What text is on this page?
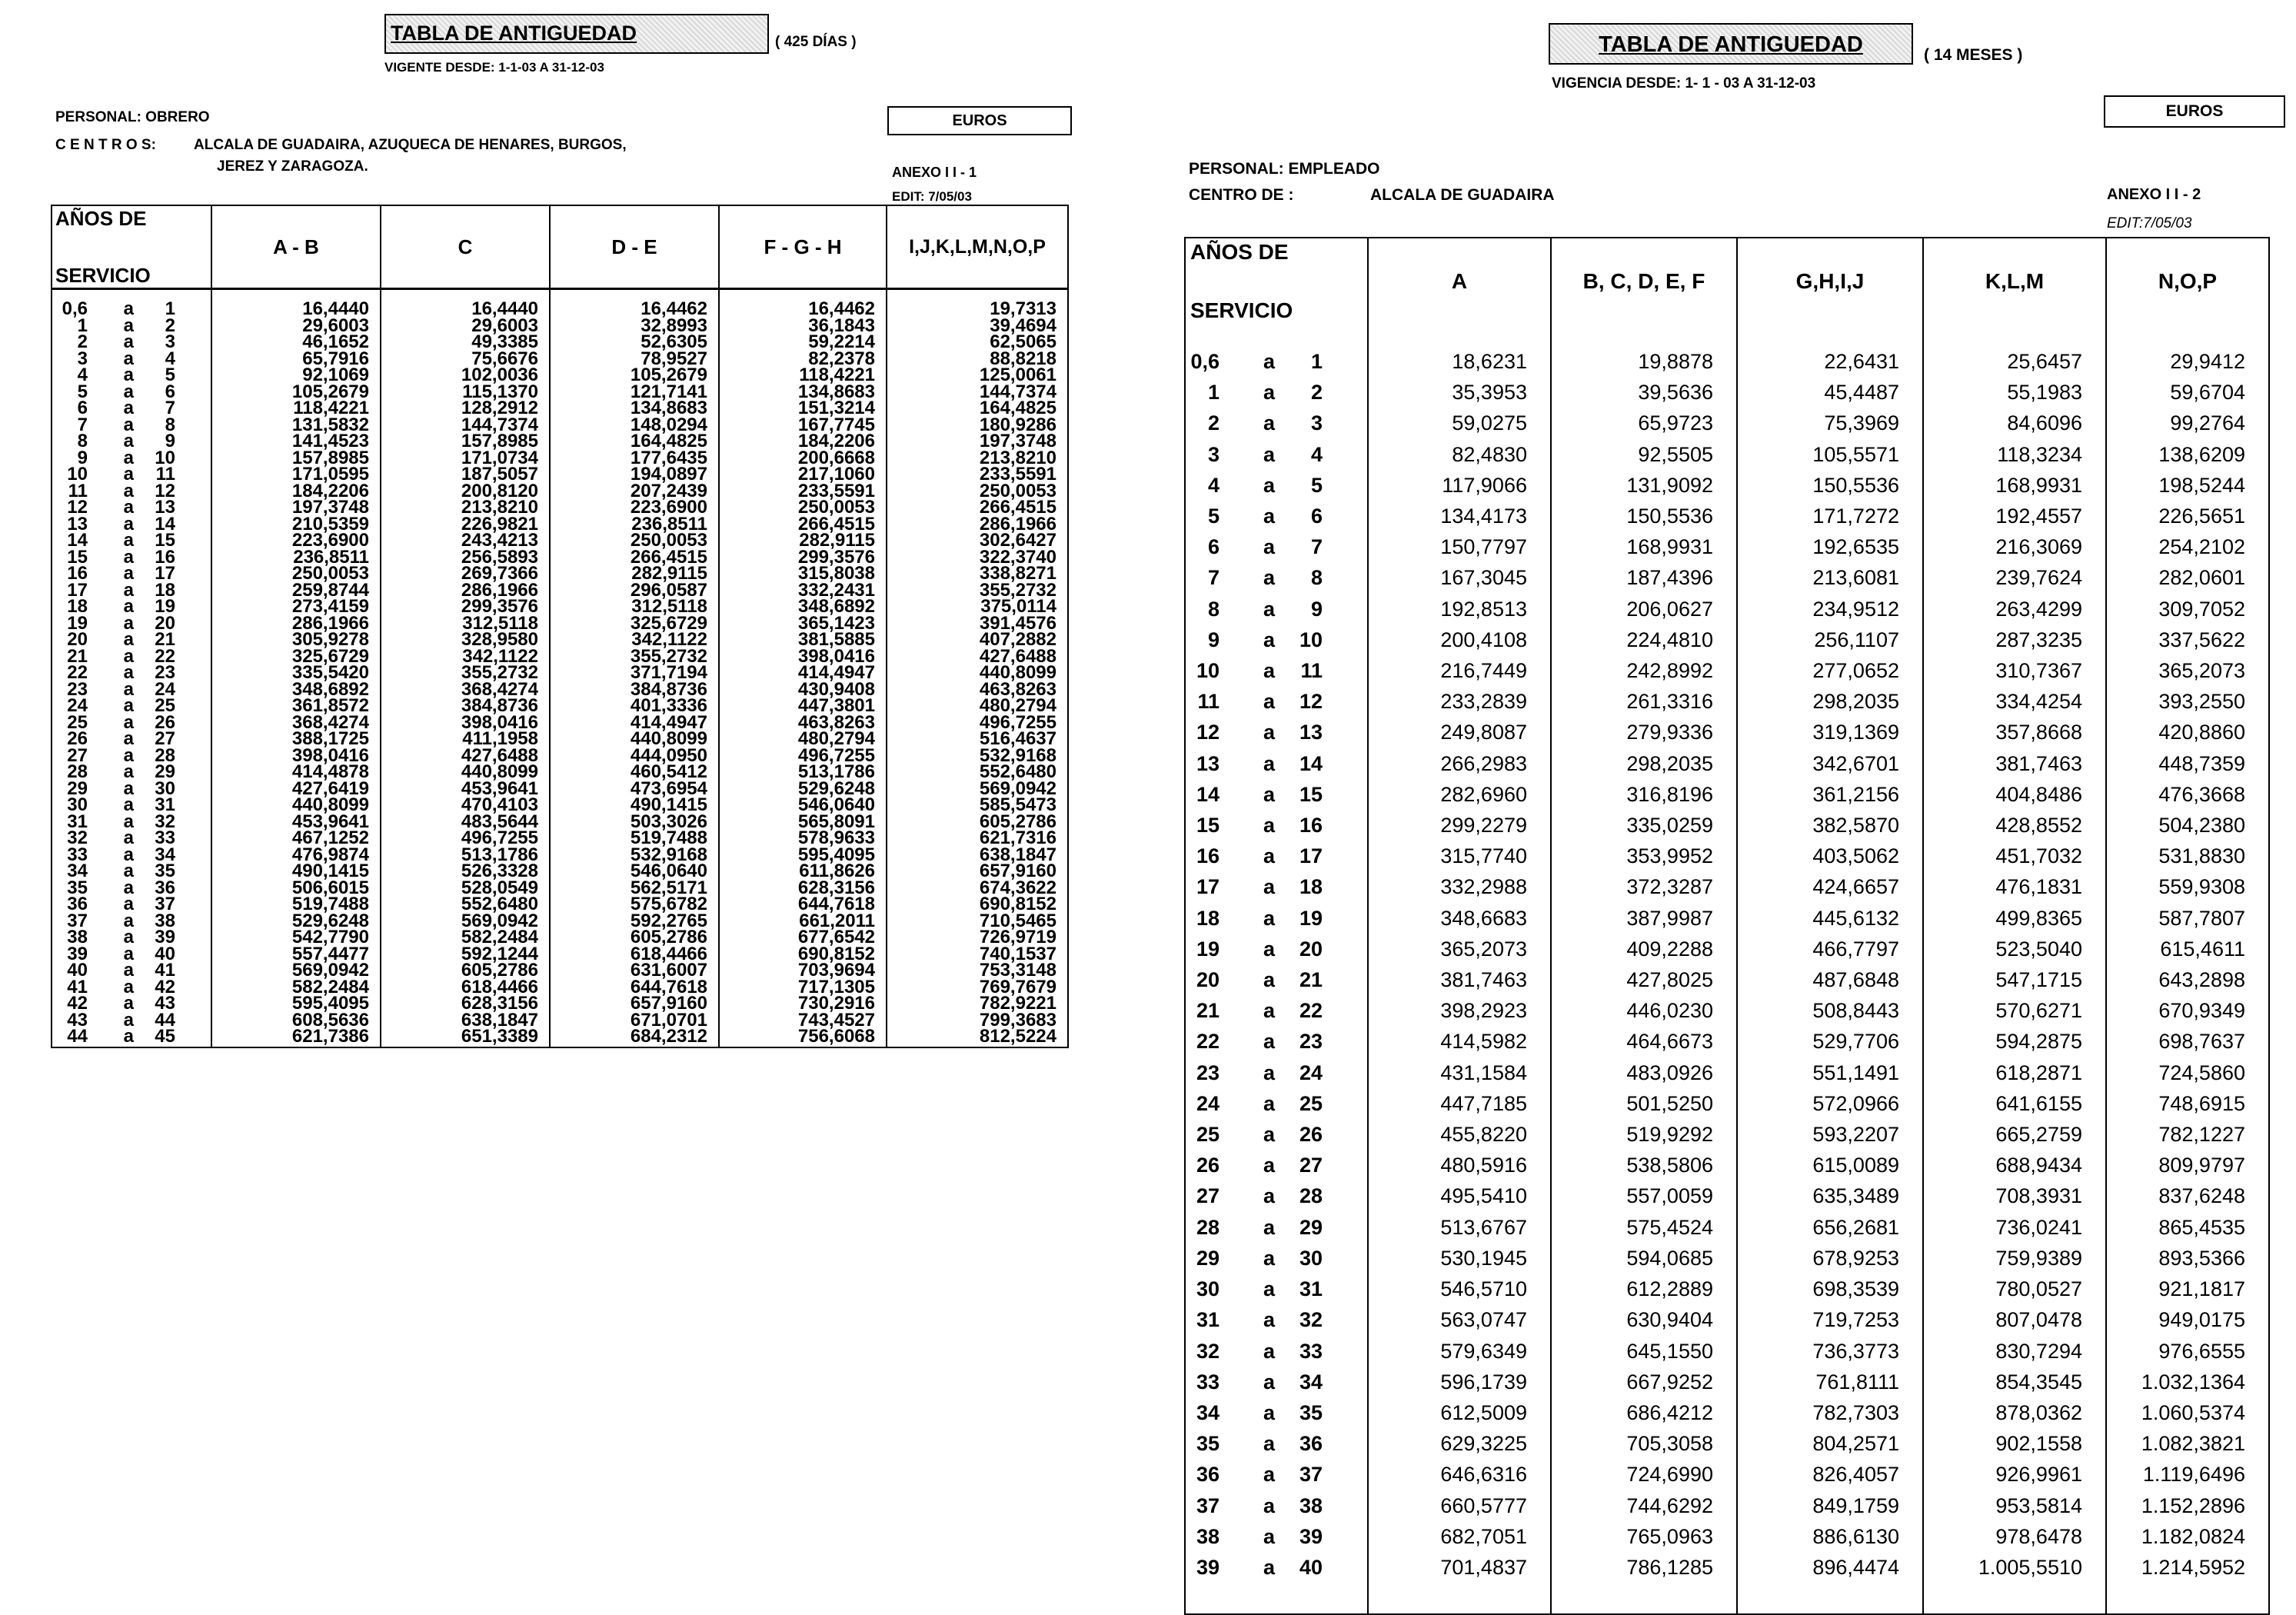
TABLA DE ANTIGUEDAD	( 425 DÍAS )
VIGENTE DESDE: 1-1-03 A 31-12-03
PERSONAL: OBRERO
C E N T R O S:	ALCALA DE GUADAIRA, AZUQUECA DE HENARES, BURGOS,
JEREZ Y ZARAGOZA.
EUROS
ANEXO I I - 1
EDIT: 7/05/03
AÑOS DE
SERVICIO	A - B	C	D - E	F - G - H	I,J,K,L,M,N,O,P
0,6 a 1	16,4440	16,4440	16,4462	16,4462	19,7313
1 a 2	29,6003	29,6003	32,8993	36,1843	39,4694
2 a 3	46,1652	49,3385	52,6305	59,2214	62,5065
3 a 4	65,7916	75,6676	78,9527	82,2378	88,8218
4 a 5	92,1069	102,0036	105,2679	118,4221	125,0061
5 a 6	105,2679	115,1370	121,7141	134,8683	144,7374
6 a 7	118,4221	128,2912	134,8683	151,3214	164,4825
7 a 8	131,5832	144,7374	148,0294	167,7745	180,9286
8 a 9	141,4523	157,8985	164,4825	184,2206	197,3748
9 a 10	157,8985	171,0734	177,6435	200,6668	213,8210
10 a 11	171,0595	187,5057	194,0897	217,1060	233,5591
11 a 12	184,2206	200,8120	207,2439	233,5591	250,0053
12 a 13	197,3748	213,8210	223,6900	250,0053	266,4515
13 a 14	210,5359	226,9821	236,8511	266,4515	286,1966
14 a 15	223,6900	243,4213	250,0053	282,9115	302,6427
15 a 16	236,8511	256,5893	266,4515	299,3576	322,3740
16 a 17	250,0053	269,7366	282,9115	315,8038	338,8271
17 a 18	259,8744	286,1966	296,0587	332,2431	355,2732
18 a 19	273,4159	299,3576	312,5118	348,6892	375,0114
19 a 20	286,1966	312,5118	325,6729	365,1423	391,4576
20 a 21	305,9278	328,9580	342,1122	381,5885	407,2882
21 a 22	325,6729	342,1122	355,2732	398,0416	427,6488
22 a 23	335,5420	355,2732	371,7194	414,4947	440,8099
23 a 24	348,6892	368,4274	384,8736	430,9408	463,8263
24 a 25	361,8572	384,8736	401,3336	447,3801	480,2794
25 a 26	368,4274	398,0416	414,4947	463,8263	496,7255
26 a 27	388,1725	411,1958	440,8099	480,2794	516,4637
27 a 28	398,0416	427,6488	444,0950	496,7255	532,9168
28 a 29	414,4878	440,8099	460,5412	513,1786	552,6480
29 a 30	427,6419	453,9641	473,6954	529,6248	569,0942
30 a 31	440,8099	470,4103	490,1415	546,0640	585,5473
31 a 32	453,9641	483,5644	503,3026	565,8091	605,2786
32 a 33	467,1252	496,7255	519,7488	578,9633	621,7316
33 a 34	476,9874	513,1786	532,9168	595,4095	638,1847
34 a 35	490,1415	526,3328	546,0640	611,8626	657,9160
35 a 36	506,6015	528,0549	562,5171	628,3156	674,3622
36 a 37	519,7488	552,6480	575,6782	644,7618	690,8152
37 a 38	529,6248	569,0942	592,2765	661,2011	710,5465
38 a 39	542,7790	582,2484	605,2786	677,6542	726,9719
39 a 40	557,4477	592,1244	618,4466	690,8152	740,1537
40 a 41	569,0942	605,2786	631,6007	703,9694	753,3148
41 a 42	582,2484	618,4466	644,7618	717,1305	769,7679
42 a 43	595,4095	628,3156	657,9160	730,2916	782,9221
43 a 44	608,5636	638,1847	671,0701	743,4527	799,3683
44 a 45	621,7386	651,3389	684,2312	756,6068	812,5224
TABLA DE ANTIGUEDAD	( 14 MESES )
VIGENCIA DESDE: 1- 1 - 03 A 31-12-03
EUROS
PERSONAL: EMPLEADO
CENTRO DE :	ALCALA DE GUADAIRA	ANEXO I I - 2
EDIT:7/05/03
AÑOS DE
SERVICIO	A	B, C, D, E, F	G,H,I,J	K,L,M	N,O,P
0,6 a 1	18,6231	19,8878	22,6431	25,6457	29,9412
1 a 2	35,3953	39,5636	45,4487	55,1983	59,6704
2 a 3	59,0275	65,9723	75,3969	84,6096	99,2764
3 a 4	82,4830	92,5505	105,5571	118,3234	138,6209
4 a 5	117,9066	131,9092	150,5536	168,9931	198,5244
5 a 6	134,4173	150,5536	171,7272	192,4557	226,5651
6 a 7	150,7797	168,9931	192,6535	216,3069	254,2102
7 a 8	167,3045	187,4396	213,6081	239,7624	282,0601
8 a 9	192,8513	206,0627	234,9512	263,4299	309,7052
9 a 10	200,4108	224,4810	256,1107	287,3235	337,5622
10 a 11	216,7449	242,8992	277,0652	310,7367	365,2073
11 a 12	233,2839	261,3316	298,2035	334,4254	393,2550
12 a 13	249,8087	279,9336	319,1369	357,8668	420,8860
13 a 14	266,2983	298,2035	342,6701	381,7463	448,7359
14 a 15	282,6960	316,8196	361,2156	404,8486	476,3668
15 a 16	299,2279	335,0259	382,5870	428,8552	504,2380
16 a 17	315,7740	353,9952	403,5062	451,7032	531,8830
17 a 18	332,2988	372,3287	424,6657	476,1831	559,9308
18 a 19	348,6683	387,9987	445,6132	499,8365	587,7807
19 a 20	365,2073	409,2288	466,7797	523,5040	615,4611
20 a 21	381,7463	427,8025	487,6848	547,1715	643,2898
21 a 22	398,2923	446,0230	508,8443	570,6271	670,9349
22 a 23	414,5982	464,6673	529,7706	594,2875	698,7637
23 a 24	431,1584	483,0926	551,1491	618,2871	724,5860
24 a 25	447,7185	501,5250	572,0966	641,6155	748,6915
25 a 26	455,8220	519,9292	593,2207	665,2759	782,1227
26 a 27	480,5916	538,5806	615,0089	688,9434	809,9797
27 a 28	495,5410	557,0059	635,3489	708,3931	837,6248
28 a 29	513,6767	575,4524	656,2681	736,0241	865,4535
29 a 30	530,1945	594,0685	678,9253	759,9389	893,5366
30 a 31	546,5710	612,2889	698,3539	780,0527	921,1817
31 a 32	563,0747	630,9404	719,7253	807,0478	949,0175
32 a 33	579,6349	645,1550	736,3773	830,7294	976,6555
33 a 34	596,1739	667,9252	761,8111	854,3545	1.032,1364
34 a 35	612,5009	686,4212	782,7303	878,0362	1.060,5374
35 a 36	629,3225	705,3058	804,2571	902,1558	1.082,3821
36 a 37	646,6316	724,6990	826,4057	926,9961	1.119,6496
37 a 38	660,5777	744,6292	849,1759	953,5814	1.152,2896
38 a 39	682,7051	765,0963	886,6130	978,6478	1.182,0824
39 a 40	701,4837	786,1285	896,4474	1.005,5510	1.214,5952
